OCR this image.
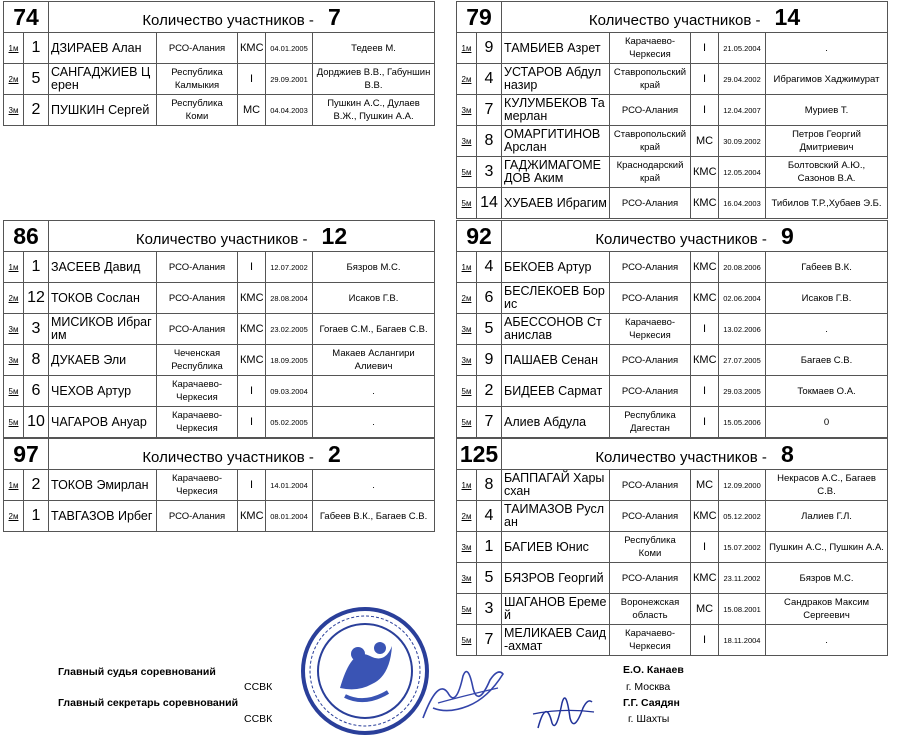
74		Количество участников - 7				
1м	1	ДЗИРАЕВ Алан	РСО-Алания	КМС	04.01.2005	Тедеев М.
2м	5	САНГАДЖИЕВ Церен	Республика Калмыкия	I	29.09.2001	Дорджиев В.В., Габуншин В.В.
3м	2	ПУШКИН Сергей	Республика Коми	МС	04.04.2003	Пушкин А.С., Дулаев В.Ж., Пушкин А.А.
79		Количество участников - 14				
1м	9	ТАМБИЕВ Азрет	Карачаево-Черкесия	I	21.05.2004	.
2м	4	УСТАРОВ Абдул назир	Ставропольский край	I	29.04.2002	Ибрагимов Хаджимурат
3м	7	КУЛУМБЕКОВ Тамерлан	РСО-Алания	I	12.04.2007	Муриев Т.
3м	8	ОМАРГИТИНОВ Арслан	Ставропольский край	МС	30.09.2002	Петров Георгий Дмитриевич
5м	3	ГАДЖИМАГОМЕДОВ Аким	Краснодарский край	КМС	12.05.2004	Болтовский А.Ю., Сазонов В.А.
5м	14	ХУБАЕВ Ибрагим	РСО-Алания	КМС	16.04.2003	Тибилов Т.Р.,Хубаев Э.Б.
86		Количество участников - 12				
1м	1	ЗАСЕЕВ Давид	РСО-Алания	I	12.07.2002	Бязров М.С.
2м	12	ТОКОВ Сослан	РСО-Алания	КМС	28.08.2004	Исаков Г.В.
3м	3	МИСИКОВ Ибрагим	РСО-Алания	КМС	23.02.2005	Гогаев С.М., Багаев С.В.
3м	8	ДУКАЕВ Эли	Чеченская Республика	КМС	18.09.2005	Макаев Аслангири Алиевич
5м	6	ЧЕХОВ Артур	Карачаево-Черкесия	I	09.03.2004	.
5м	10	ЧАГАРОВ Ануар	Карачаево-Черкесия	I	05.02.2005	.
92		Количество участников - 9				
1м	4	БЕКОЕВ Артур	РСО-Алания	КМС	20.08.2006	Габеев В.К.
2м	6	БЕСЛЕКОЕВ Борис	РСО-Алания	КМС	02.06.2004	Исаков Г.В.
3м	5	АБЕССОНОВ Станислав	Карачаево-Черкесия	I	13.02.2006	.
3м	9	ПАШАЕВ Сенан	РСО-Алания	КМС	27.07.2005	Багаев С.В.
5м	2	БИДЕЕВ Сармат	РСО-Алания	I	29.03.2005	Токмаев О.А.
5м	7	Алиев Абдула	Республика Дагестан	I	15.05.2006	0
97		Количество участников - 2				
1м	2	ТОКОВ Эмирлан	Карачаево-Черкесия	I	14.01.2004	.
2м	1	ТАВГАЗОВ Ирбег	РСО-Алания	КМС	08.01.2004	Габеев В.К., Багаев С.В.
125		Количество участников - 8				
1м	8	БАППАГАЙ Харысхан	РСО-Алания	МС	12.09.2000	Некрасов А.С., Багаев С.В.
2м	4	ТАИМАЗОВ Руслан	РСО-Алания	КМС	05.12.2002	Лалиев Г.Л.
3м	1	БАГИЕВ Юнис	Республика Коми	I	15.07.2002	Пушкин А.С., Пушкин А.А.
3м	5	БЯЗРОВ Георгий	РСО-Алания	КМС	23.11.2002	Бязров М.С.
5м	3	ШАГАНОВ Еремей	Воронежская область	МС	15.08.2001	Сандраков Максим Сергеевич
5м	7	МЕЛИКАЕВ Саид-ахмат	Карачаево-Черкесия	I	18.11.2004	.
Главный судья соревнований
ССВК
Главный секретарь соревнований
ССВК
Е.О. Канаев
г. Москва
Г.Г. Саядян
г. Шахты
